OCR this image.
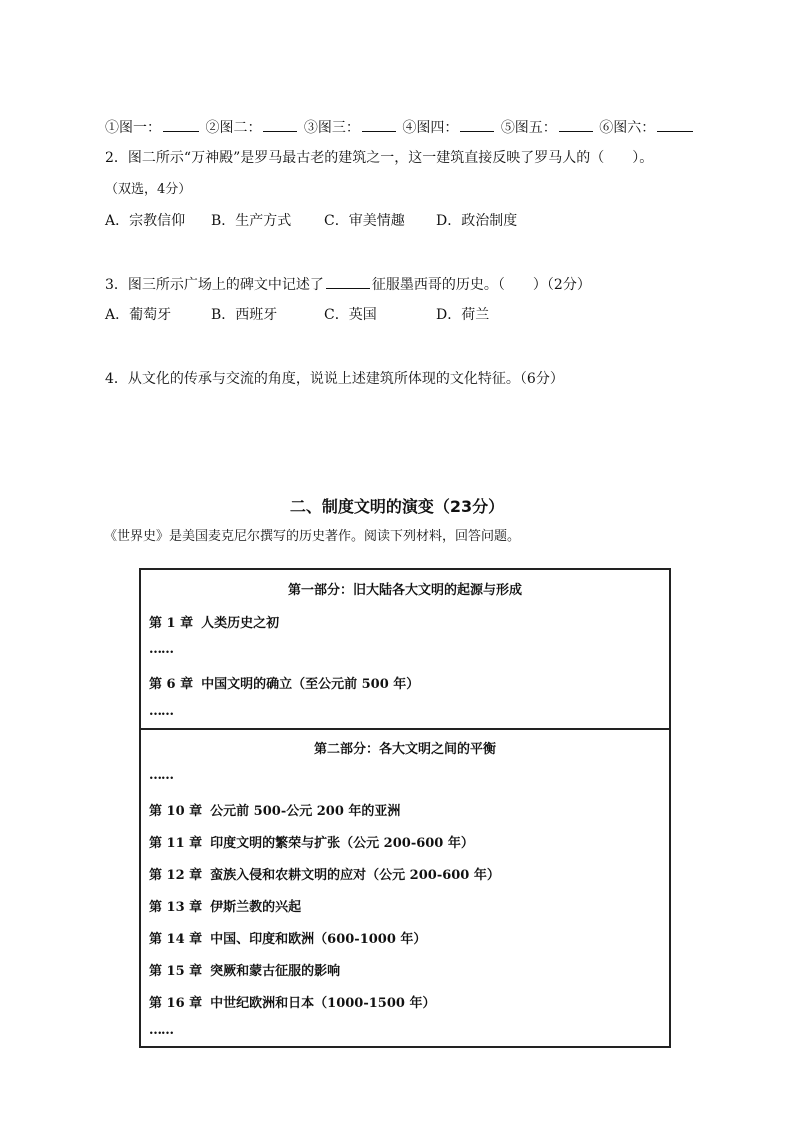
①图一：	②图二：	③图三：	④图四：	⑤图五：	⑥图六：
2．图二所示“万神殿”是罗马最古老的建筑之一，这一建筑直接反映了罗马人的（　　）。
（双选，4分）
A．宗教信仰 B．生产方式 C．审美情趣 D．政治制度
3．图三所示广场上的碑文中记述了	征服墨西哥的历史。（　　）（2分）
A．葡萄牙	B．西班牙	C．英国	D．荷兰
4．从文化的传承与交流的角度，说说上述建筑所体现的文化特征。（6分）
二、制度文明的演变（23分）
《世界史》是美国麦克尼尔撰写的历史著作。阅读下列材料，回答问题。
第一部分：旧大陆各大文明的起源与形成
第 1 章 人类历史之初
……
第 6 章 中国文明的确立（至公元前 500 年）
……
第二部分：各大文明之间的平衡
……
第 10 章 公元前 500-公元 200 年的亚洲
第 11 章 印度文明的繁荣与扩张（公元 200-600 年）
第 12 章 蛮族入侵和农耕文明的应对（公元 200-600 年）
第 13 章 伊斯兰教的兴起
第 14 章 中国、印度和欧洲（600-1000 年）
第 15 章 突厥和蒙古征服的影响
第 16 章 中世纪欧洲和日本（1000-1500 年）
……
